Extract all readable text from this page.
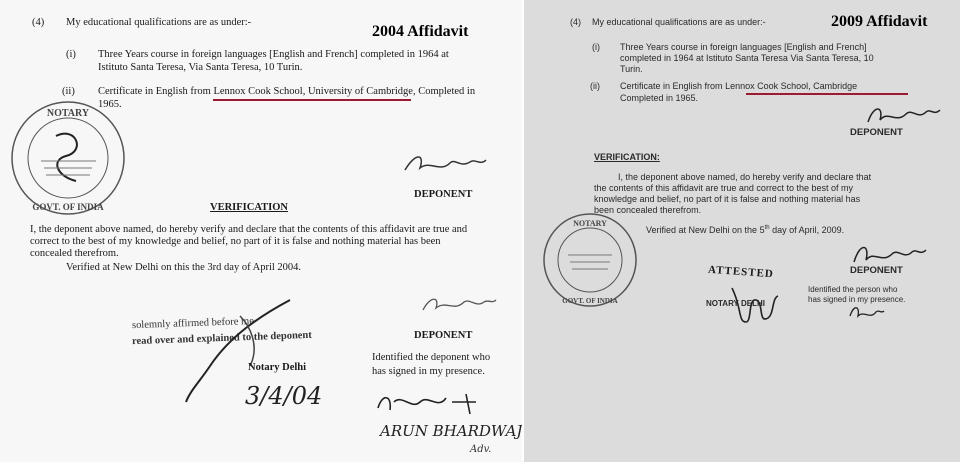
(4) My educational qualifications are as under:-
2004 Affidavit
(i) Three Years course in foreign languages [English and French] completed in 1964 at
Istituto Santa Teresa, Via Santa Teresa, 10 Turin.
(ii) Certificate in English from Lennox Cook School, University of Cambridge, Completed in
1965.
NOTARY
GOVT. OF INDIA
DEPONENT
VERIFICATION
I, the deponent above named, do hereby verify and declare that the contents of this affidavit are true and
correct to the best of my knowledge and belief, no part of it is false and nothing material has been
concealed therefrom.
Verified at New Delhi on this the 3rd day of April 2004.
solemnly affirmed before me
read over and explained to the deponent	DEPONENT
Identified the deponent who
has signed in my presence.
Notary Delhi
3/4/04
ARUN BHARDWAJ
Adv.
(4) My educational qualifications are as under:-	2009 Affidavit
(i) Three Years course in foreign languages [English and French]
completed in 1964 at Istituto Santa Teresa Via Santa Teresa, 10
Turin.
(ii) Certificate in English from Lennox Cook School, Cambridge
Completed in 1965.
DEPONENT
VERIFICATION:
I, the deponent above named, do hereby verify and declare that
the contents of this affidavit are true and correct to the best of my
knowledge and belief, no part of it is false and nothing material has
been concealed therefrom.
Verified at New Delhi on the 5th day of April, 2009.
NOTARY
GOVT. OF INDIA
ATTESTED
NOTARY DELHI
DEPONENT
Identified the person who
has signed in my presence.
